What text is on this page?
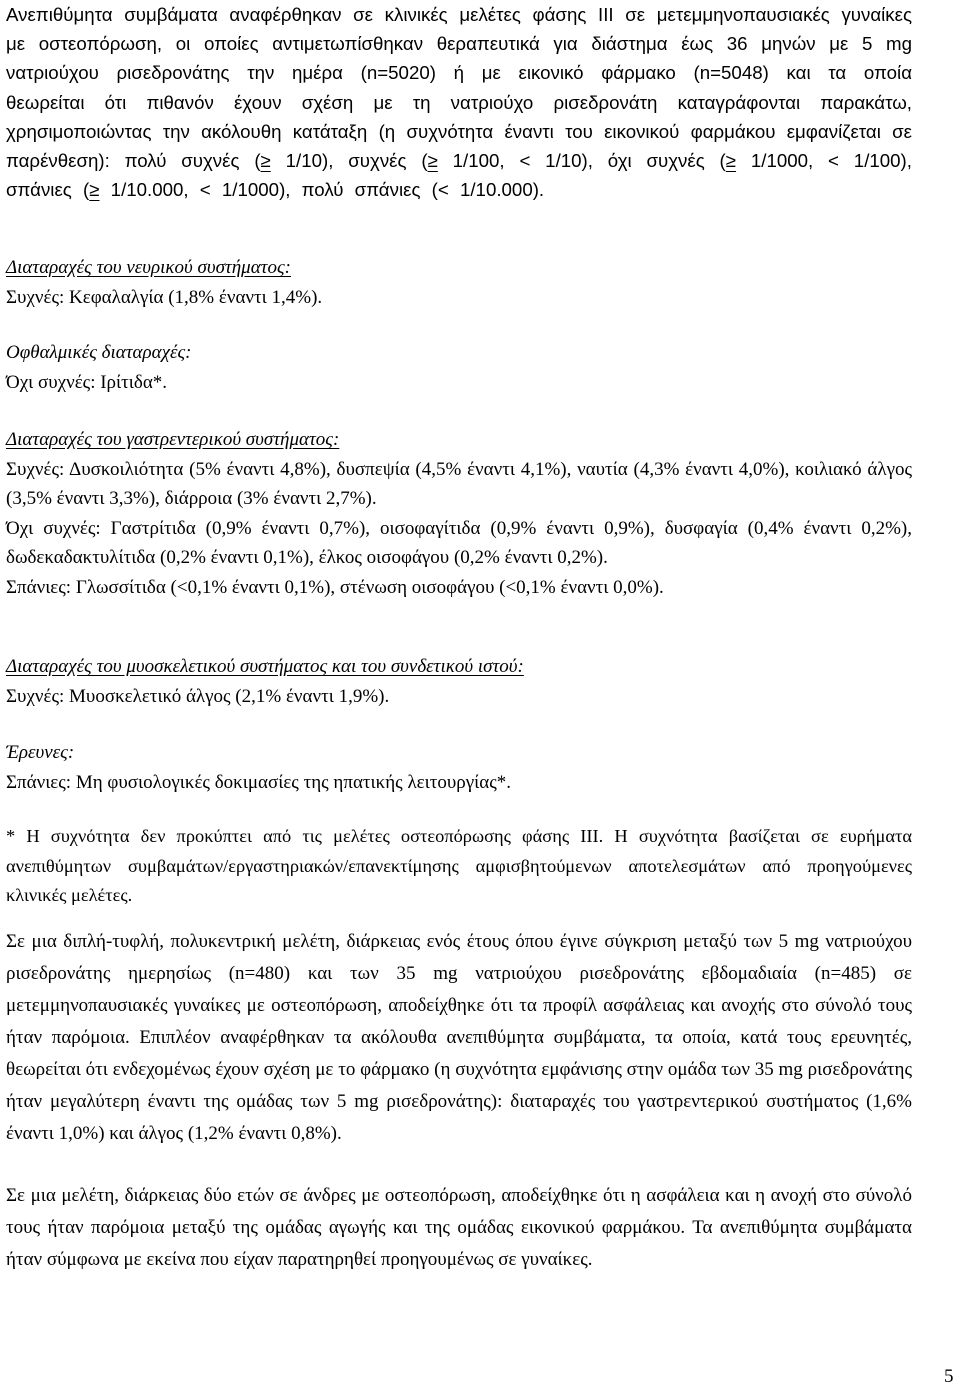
Ανεπιθύμητα συμβάματα αναφέρθηκαν σε κλινικές μελέτες φάσης ΙΙΙ σε μετεμμηνοπαυσιακές γυναίκες με οστεοπόρωση, οι οποίες αντιμετωπίσθηκαν θεραπευτικά για διάστημα έως 36 μηνών με 5 mg νατριούχου ρισεδρονάτης την ημέρα (n=5020) ή με εικονικό φάρμακο (n=5048) και τα οποία θεωρείται ότι πιθανόν έχουν σχέση με τη νατριούχο ρισεδρονάτη καταγράφονται παρακάτω, χρησιμοποιώντας την ακόλουθη κατάταξη (η συχνότητα έναντι του εικονικού φαρμάκου εμφανίζεται σε παρένθεση): πολύ συχνές (≥ 1/10), συχνές (≥ 1/100, < 1/10), όχι συχνές (≥ 1/1000, < 1/100), σπάνιες (≥ 1/10.000, < 1/1000), πολύ σπάνιες (< 1/10.000).
Διαταραχές του νευρικού συστήματος:
Συχνές: Κεφαλαλγία (1,8% έναντι 1,4%).
Οφθαλμικές διαταραχές:
Όχι συχνές: Ιρίτιδα*.
Διαταραχές του γαστρεντερικού συστήματος:
Συχνές: Δυσκοιλιότητα (5% έναντι 4,8%), δυσπεψία (4,5% έναντι 4,1%), ναυτία (4,3% έναντι 4,0%), κοιλιακό άλγος (3,5% έναντι 3,3%), διάρροια (3% έναντι 2,7%).
Όχι συχνές: Γαστρίτιδα (0,9% έναντι 0,7%), οισοφαγίτιδα (0,9% έναντι 0,9%), δυσφαγία (0,4% έναντι 0,2%), δωδεκαδακτυλίτιδα (0,2% έναντι 0,1%), έλκος οισοφάγου (0,2% έναντι 0,2%).
Σπάνιες: Γλωσσίτιδα (<0,1% έναντι 0,1%), στένωση οισοφάγου (<0,1% έναντι 0,0%).
Διαταραχές του μυοσκελετικού συστήματος και του συνδετικού ιστού:
Συχνές: Μυοσκελετικό άλγος (2,1% έναντι 1,9%).
Έρευνες:
Σπάνιες: Μη φυσιολογικές δοκιμασίες της ηπατικής λειτουργίας*.
* Η συχνότητα δεν προκύπτει από τις μελέτες οστεοπόρωσης φάσης ΙΙΙ. Η συχνότητα βασίζεται σε ευρήματα ανεπιθύμητων συμβαμάτων/εργαστηριακών/επανεκτίμησης αμφισβητούμενων αποτελεσμάτων από προηγούμενες κλινικές μελέτες.
Σε μια διπλή-τυφλή, πολυκεντρική μελέτη, διάρκειας ενός έτους όπου έγινε σύγκριση μεταξύ των 5 mg νατριούχου ρισεδρονάτης ημερησίως (n=480) και των 35 mg νατριούχου ρισεδρονάτης εβδομαδιαία (n=485) σε μετεμμηνοπαυσιακές γυναίκες με οστεοπόρωση, αποδείχθηκε ότι τα προφίλ ασφάλειας και ανοχής στο σύνολό τους ήταν παρόμοια. Επιπλέον αναφέρθηκαν τα ακόλουθα ανεπιθύμητα συμβάματα, τα οποία, κατά τους ερευνητές, θεωρείται ότι ενδεχομένως έχουν σχέση με το φάρμακο (η συχνότητα εμφάνισης στην ομάδα των 35 mg ρισεδρονάτης ήταν μεγαλύτερη έναντι της ομάδας των 5 mg ρισεδρονάτης): διαταραχές του γαστρεντερικού συστήματος (1,6% έναντι 1,0%) και άλγος (1,2% έναντι 0,8%).
Σε μια μελέτη, διάρκειας δύο ετών σε άνδρες με οστεοπόρωση, αποδείχθηκε ότι η ασφάλεια και η ανοχή στο σύνολό τους ήταν παρόμοια μεταξύ της ομάδας αγωγής και της ομάδας εικονικού φαρμάκου. Τα ανεπιθύμητα συμβάματα ήταν σύμφωνα με εκείνα που είχαν παρατηρηθεί προηγουμένως σε γυναίκες.
5
